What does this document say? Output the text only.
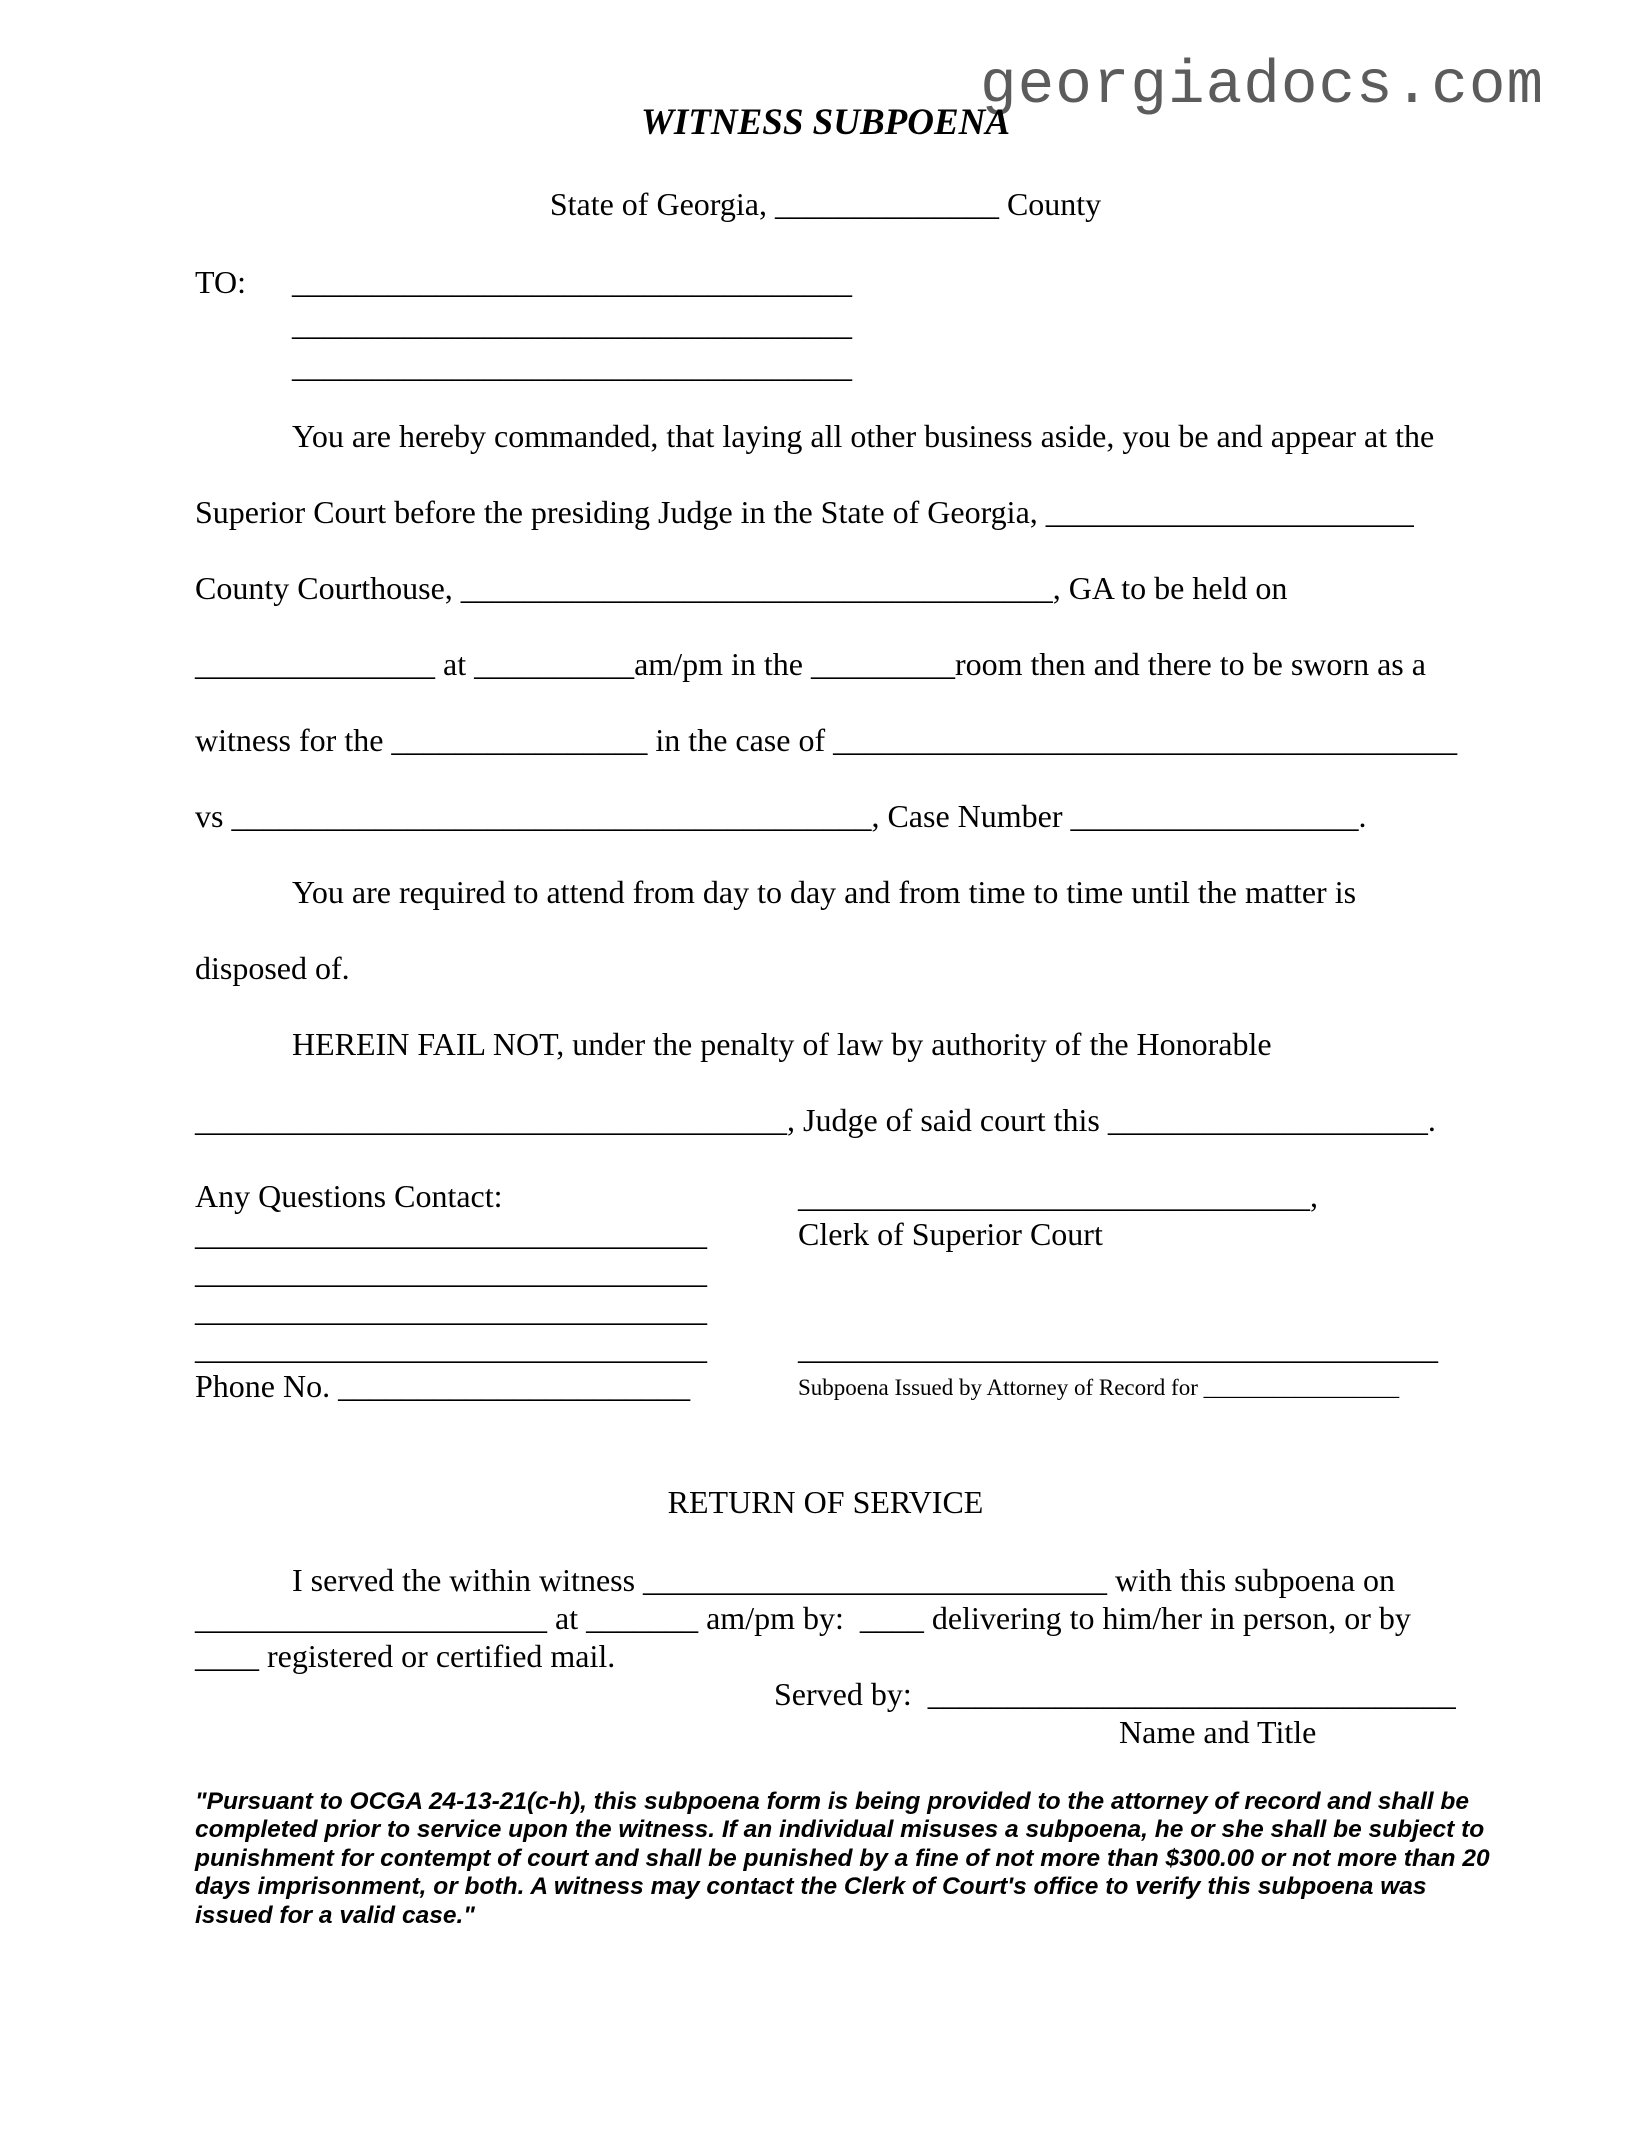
georgiadocs.com
WITNESS SUBPOENA
State of Georgia, ______________ County
TO: ___________________________________
___________________________________
___________________________________
You are hereby commanded, that laying all other business aside, you be and appear at the
Superior Court before the presiding Judge in the State of Georgia, _______________________
County Courthouse, _____________________________________, GA to be held on
_______________ at __________am/pm in the _________room then and there to be sworn as a
witness for the ________________ in the case of _______________________________________
vs ________________________________________, Case Number __________________.
You are required to attend from day to day and from time to time until the matter is
disposed of.
HEREIN FAIL NOT, under the penalty of law by authority of the Honorable
_____________________________________, Judge of said court this ____________________.
Any Questions Contact:
________________________________
________________________________
________________________________
________________________________
Phone No. ______________________
________________________________,
Clerk of Superior Court
________________________________________
Subpoena Issued by Attorney of Record for _________________
RETURN OF SERVICE
I served the within witness _____________________________ with this subpoena on
______________________ at _______ am/pm by:  ____ delivering to him/her in person, or by
____ registered or certified mail.
Served by:  _________________________________
Name and Title
"Pursuant to OCGA 24-13-21(c-h), this subpoena form is being provided to the attorney of record and shall be completed prior to service upon the witness. If an individual misuses a subpoena, he or she shall be subject to punishment for contempt of court and shall be punished by a fine of not more than $300.00 or not more than 20 days imprisonment, or both. A witness may contact the Clerk of Court's office to verify this subpoena was issued for a valid case."
